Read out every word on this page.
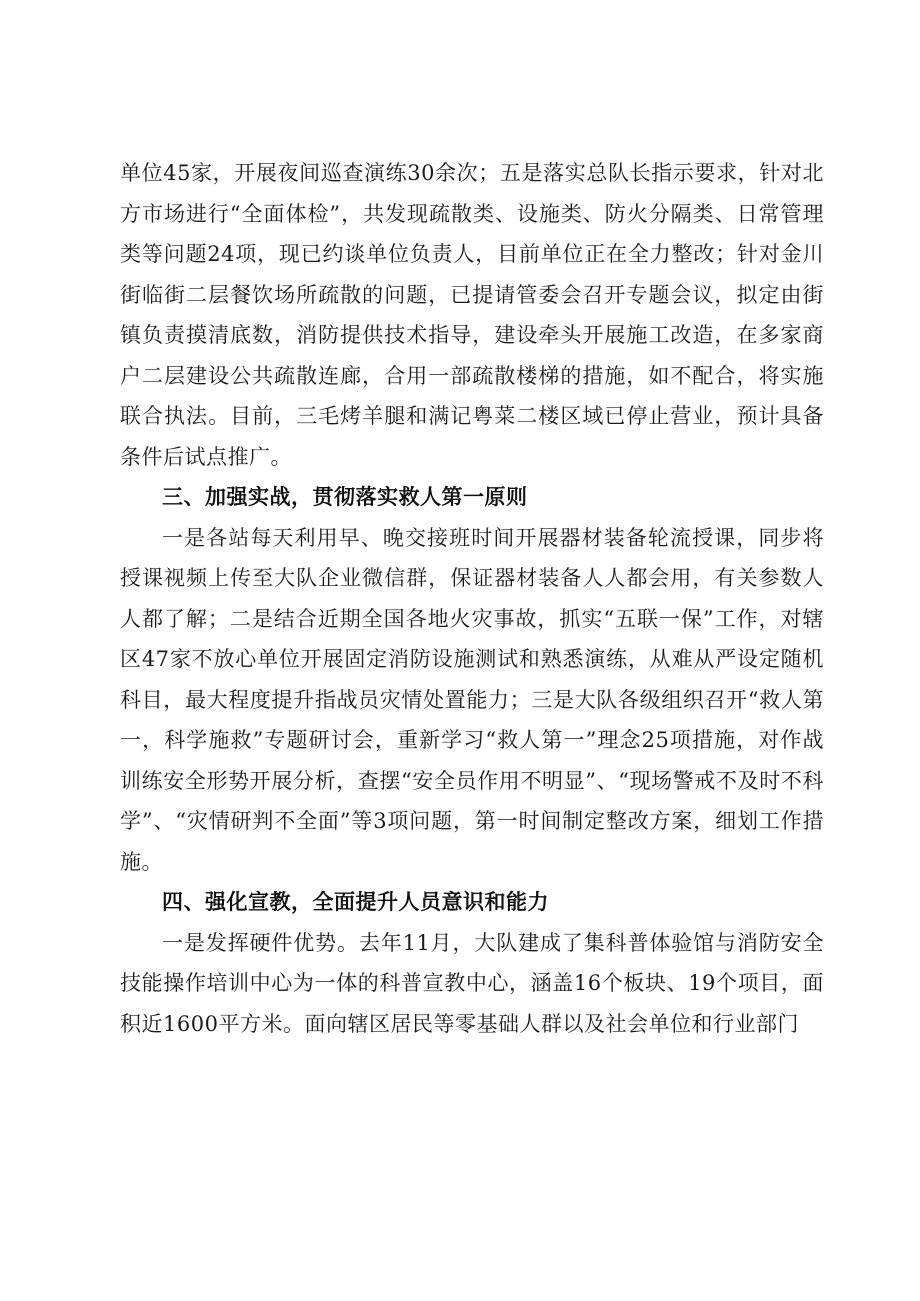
单位45家，开展夜间巡查演练30余次；五是落实总队长指示要求，针对北方市场进行“全面体检”，共发现疏散类、设施类、防火分隔类、日常管理类等问题24项，现已约谈单位负责人，目前单位正在全力整改；针对金川街临街二层餐饮场所疏散的问题，已提请管委会召开专题会议，拟定由街镇负责摸清底数，消防提供技术指导，建设牵头开展施工改造，在多家商户二层建设公共疏散连廊，合用一部疏散楼梯的措施，如不配合，将实施联合执法。目前，三毛烤羊腿和满记粤菜二楼区域已停止营业，预计具备条件后试点推广。

三、加强实战，贯彻落实救人第一原则

一是各站每天利用早、晚交接班时间开展器材装备轮流授课，同步将授课视频上传至大队企业微信群，保证器材装备人人都会用，有关参数人人都了解；二是结合近期全国各地火灾事故，抓实“五联一保”工作，对辖区47家不放心单位开展固定消防设施测试和熟悉演练，从难从严设定随机科目，最大程度提升指战员灾情处置能力；三是大队各级组织召开“救人第一，科学施救”专题研讨会，重新学习“救人第一”理念25项措施，对作战训练安全形势开展分析，查摆“安全员作用不明显”、“现场警戒不及时不科学”、“灾情研判不全面”等3项问题，第一时间制定整改方案，细划工作措施。

四、强化宣教，全面提升人员意识和能力

一是发挥硬件优势。去年11月，大队建成了集科普体验馆与消防安全技能操作培训中心为一体的科普宣教中心，涵盖16个板块、19个项目，面积近1600平方米。面向辖区居民等零基础人群以及社会单位和行业部门
